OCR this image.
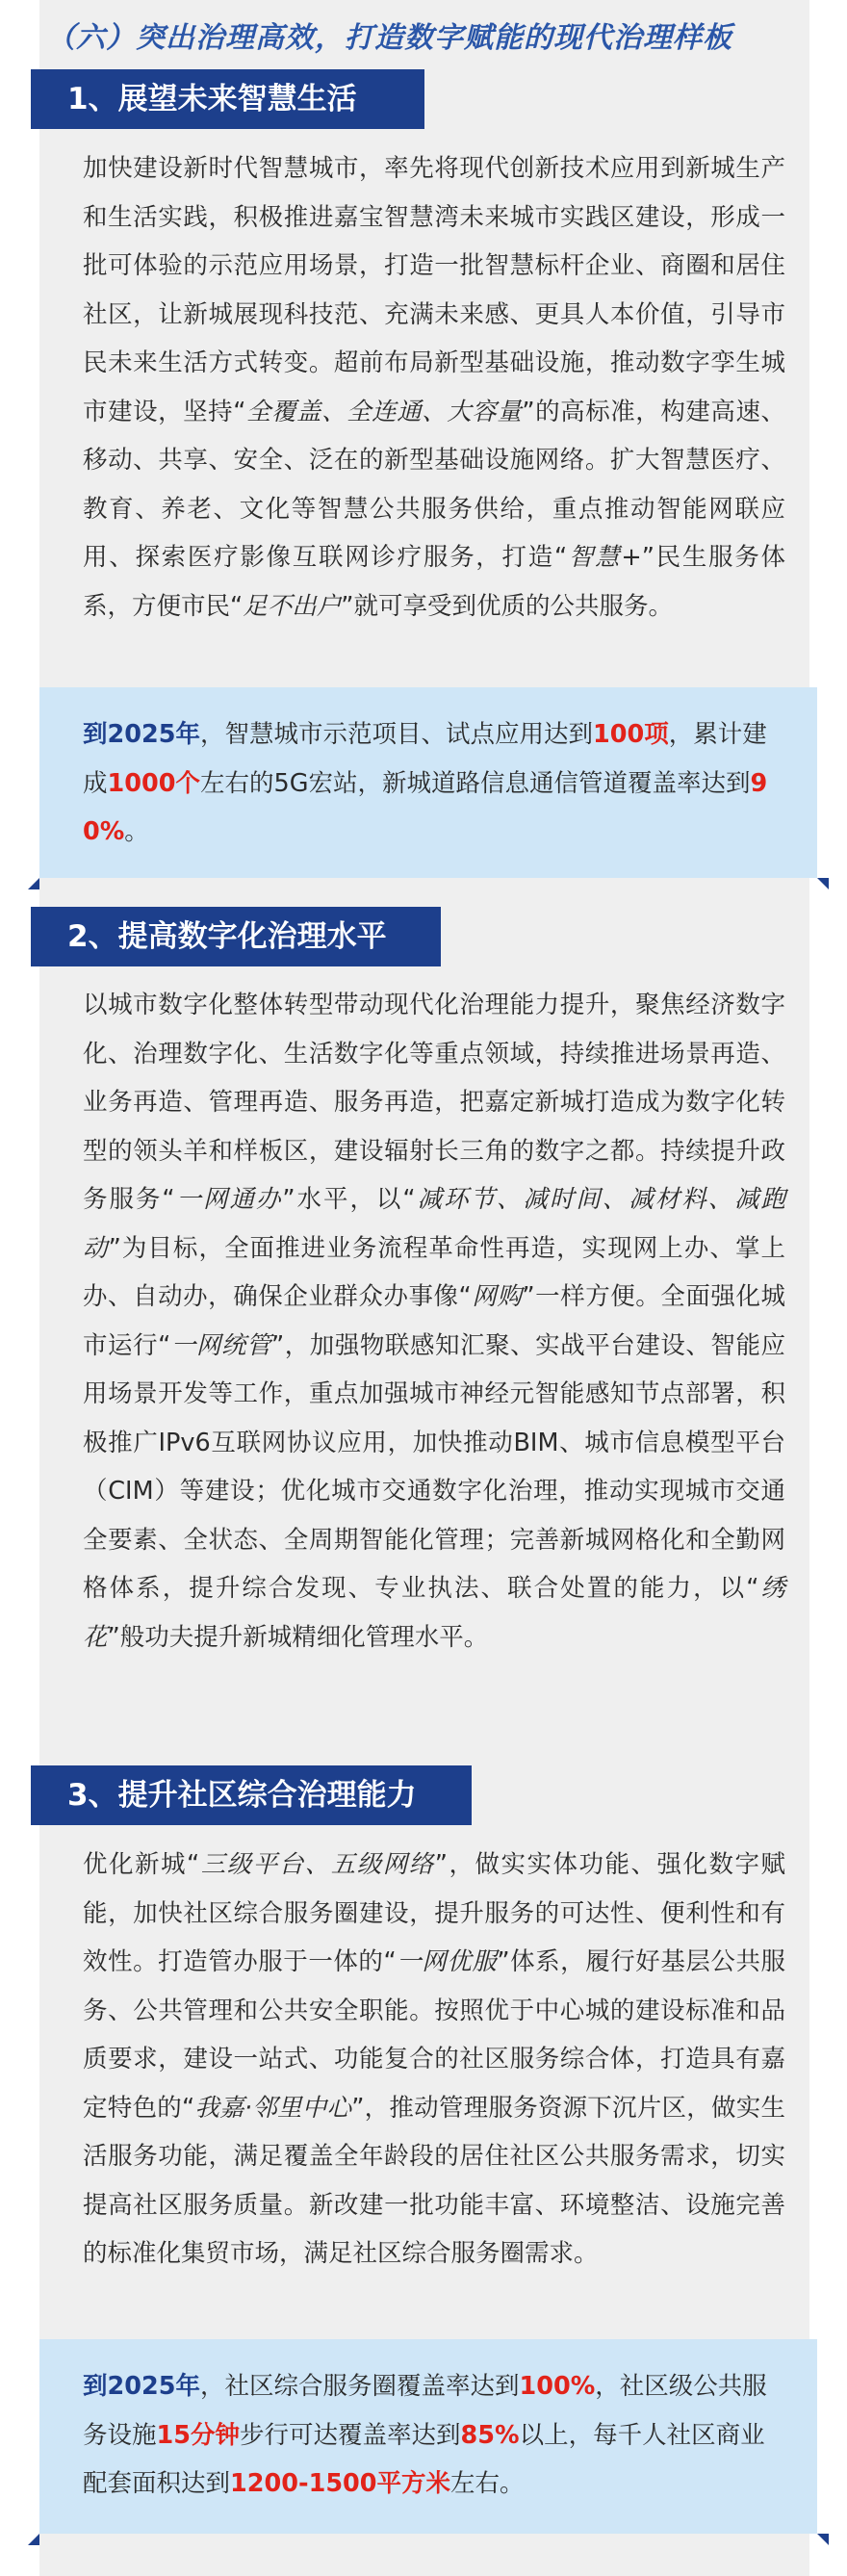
（六）突出治理高效，打造数字赋能的现代治理样板
1、展望未来智慧生活
加快建设新时代智慧城市，率先将现代创新技术应用到新城生产和生活实践，积极推进嘉宝智慧湾未来城市实践区建设，形成一批可体验的示范应用场景，打造一批智慧标杆企业、商圈和居住社区，让新城展现科技范、充满未来感、更具人本价值，引导市民未来生活方式转变。超前布局新型基础设施，推动数字孪生城市建设，坚持“全覆盖、全连通、大容量”的高标准，构建高速、移动、共享、安全、泛在的新型基础设施网络。扩大智慧医疗、教育、养老、文化等智慧公共服务供给，重点推动智能网联应用、探索医疗影像互联网诊疗服务，打造“智慧+”民生服务体系，方便市民“足不出户”就可享受到优质的公共服务。
到2025年，智慧城市示范项目、试点应用达到100项，累计建成1000个左右的5G宏站，新城道路信息通信管道覆盖率达到90%。
2、提高数字化治理水平
以城市数字化整体转型带动现代化治理能力提升，聚焦经济数字化、治理数字化、生活数字化等重点领域，持续推进场景再造、业务再造、管理再造、服务再造，把嘉定新城打造成为数字化转型的领头羊和样板区，建设辐射长三角的数字之都。持续提升政务服务“一网通办”水平，以“减环节、减时间、减材料、减跑动”为目标，全面推进业务流程革命性再造，实现网上办、掌上办、自动办，确保企业群众办事像“网购”一样方便。全面强化城市运行“一网统管”，加强物联感知汇聚、实战平台建设、智能应用场景开发等工作，重点加强城市神经元智能感知节点部署，积极推广IPv6互联网协议应用，加快推动BIM、城市信息模型平台（CIM）等建设；优化城市交通数字化治理，推动实现城市交通全要素、全状态、全周期智能化管理；完善新城网格化和全勤网格体系，提升综合发现、专业执法、联合处置的能力，以“绣花”般功夫提升新城精细化管理水平。
3、提升社区综合治理能力
优化新城“三级平台、五级网络”，做实实体功能、强化数字赋能，加快社区综合服务圈建设，提升服务的可达性、便利性和有效性。打造管办服于一体的“一网优服”体系，履行好基层公共服务、公共管理和公共安全职能。按照优于中心城的建设标准和品质要求，建设一站式、功能复合的社区服务综合体，打造具有嘉定特色的“我嘉·邻里中心”，推动管理服务资源下沉片区，做实生活服务功能，满足覆盖全年龄段的居住社区公共服务需求，切实提高社区服务质量。新改建一批功能丰富、环境整洁、设施完善的标准化集贸市场，满足社区综合服务圈需求。
到2025年，社区综合服务圈覆盖率达到100%，社区级公共服务设施15分钟步行可达覆盖率达到85%以上，每千人社区商业配套面积达到1200-1500平方米左右。
